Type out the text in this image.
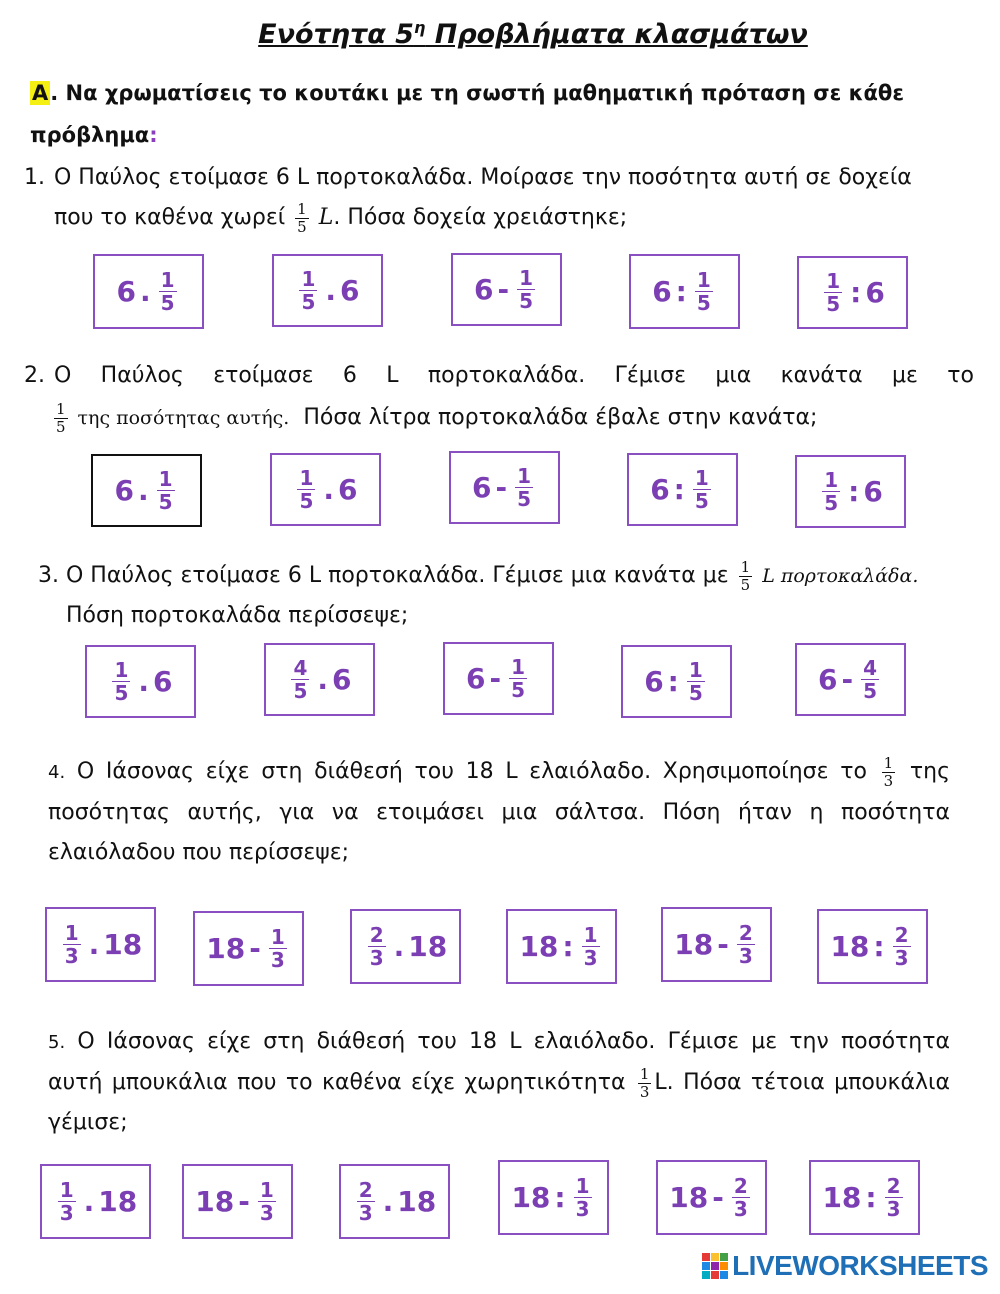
Ενότητα $5^\eta$ Προβλήματα κλασμάτων
Α. Να χρωματίσεις το κουτάκι με τη σωστή μαθηματική πρόταση σε κάθε πρόβλημα:
1. Ο Παύλος ετοίμασε 6 L πορτοκαλάδα. Μοίρασε την ποσότητα αυτή σε δοχεία
που το καθένα χωρεί $\frac{1}{5} L$. Πόσα δοχεία χρειάστηκε;
2. Ο Παύλος ετοίμασε 6 L πορτοκαλάδα. Γέμισε μια κανάτα με το
$\frac{1}{5}$ της ποσότητας αυτής. Πόσα λίτρα πορτοκαλάδα έβαλε στην κανάτα;
3. Ο Παύλος ετοίμασε 6 L πορτοκαλάδα. Γέμισε μια κανάτα με $\frac{1}{5}$ L πορτοκαλάδα.
Πόση πορτοκαλάδα περίσσεψε;
4. Ο Ιάσονας είχε στη διάθεσή του 18 L ελαιόλαδο. Χρησιμοποίησε το $\frac{1}{3}$ της
ποσότητας αυτής, για να ετοιμάσει μια σάλτσα. Πόση ήταν η ποσότητα
ελαιόλαδου που περίσσεψε;
5. Ο Ιάσονας είχε στη διάθεσή του 18 L ελαιόλαδο. Γέμισε με την ποσότητα
αυτή μπουκάλια που το καθένα είχε χωρητικότητα $\frac{1}{3} L$. Πόσα τέτοια μπουκάλια
γέμισε;
6 . $\frac{1}{5}$	$\frac{1}{5}$ . 6	$6 - \frac{1}{5}$	6 : $\frac{1}{5}$	$\frac{1}{5}$ : 6
6 . $\frac{1}{5}$	$\frac{1}{5}$ . 6	$6 - \frac{1}{5}$	6 : $\frac{1}{5}$	$\frac{1}{5}$ : 6
$\frac{1}{5}$ . 6	$\frac{4}{5}$ . 6	$6 - \frac{1}{5}$	6 : $\frac{1}{5}$	$6 - \frac{4}{5}$
$\frac{1}{3}$ . 18 $18 - \frac{1}{3}$	$\frac{2}{3}$ . 18	18 : $\frac{1}{3}$	$18 - \frac{2}{3}$	18 : $\frac{2}{3}$
$\frac{1}{3}$ . 18 $18 - \frac{1}{3}$	$\frac{2}{3}$ . 18	18 : $\frac{1}{3}$	$18 - \frac{2}{3}$	18 : $\frac{2}{3}$
LIVEWORKSHEETS
